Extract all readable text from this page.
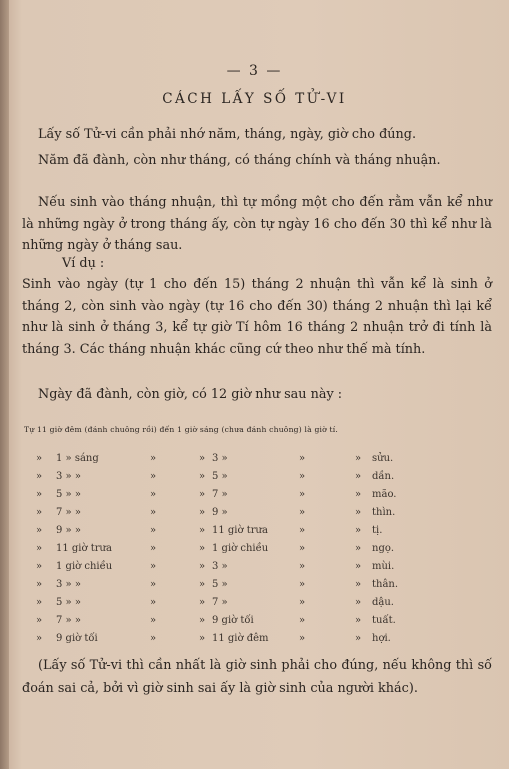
— 3 —
CÁCH LẤY SỐ TỬ-VI
Lấy số Tử-vi cần phải nhớ năm, tháng, ngày, giờ cho đúng.
Năm đã đành, còn như tháng, có tháng chính và tháng nhuận.
Nếu sinh vào tháng nhuận, thì tự mồng một cho đến rằm vẫn kể như là những ngày ở trong tháng ấy, còn tự ngày 16 cho đến 30 thì kể như là những ngày ở tháng sau.
Ví dụ :
Sinh vào ngày (tự 1 cho đến 15) tháng 2 nhuận thì vẫn kể là sinh ở tháng 2, còn sinh vào ngày (tự 16 cho đến 30) tháng 2 nhuận thì lại kể như là sinh ở tháng 3, kể tự giờ Tí hôm 16 tháng 2 nhuận trở đi tính là tháng 3. Các tháng nhuận khác cũng cứ theo như thế mà tính.
Ngày đã đành, còn giờ, có 12 giờ như sau này :
Tự 11 giờ đêm (đánh chuông rồi) đến 1 giờ sáng (chưa đánh chuông) là giờ tí.
» 1 » sáng	»	» 3 »	»	» sửu.
» 3 » »	»	» 5 »	»	» dần.
» 5 » »	»	» 7 »	»	» mão.
» 7 » »	»	» 9 »	»	» thìn.
» 9 » »	»	» 11 giờ trưa	»	» tị.
» 11 giờ trưa	»	» 1 giờ chiều	»	» ngọ.
» 1 giờ chiều	»	» 3 »	»	» mùi.
» 3 » »	»	» 5 »	»	» thân.
» 5 » »	»	» 7 »	»	» dậu.
» 7 » »	»	» 9 giờ tối	»	» tuất.
» 9 giờ tối	»	» 11 giờ đêm	»	» hợi.
(Lấy số Tử-vi thì cần nhất là giờ sinh phải cho đúng, nếu không thì số đoán sai cả, bởi vì giờ sinh sai ấy là giờ sinh của người khác).
